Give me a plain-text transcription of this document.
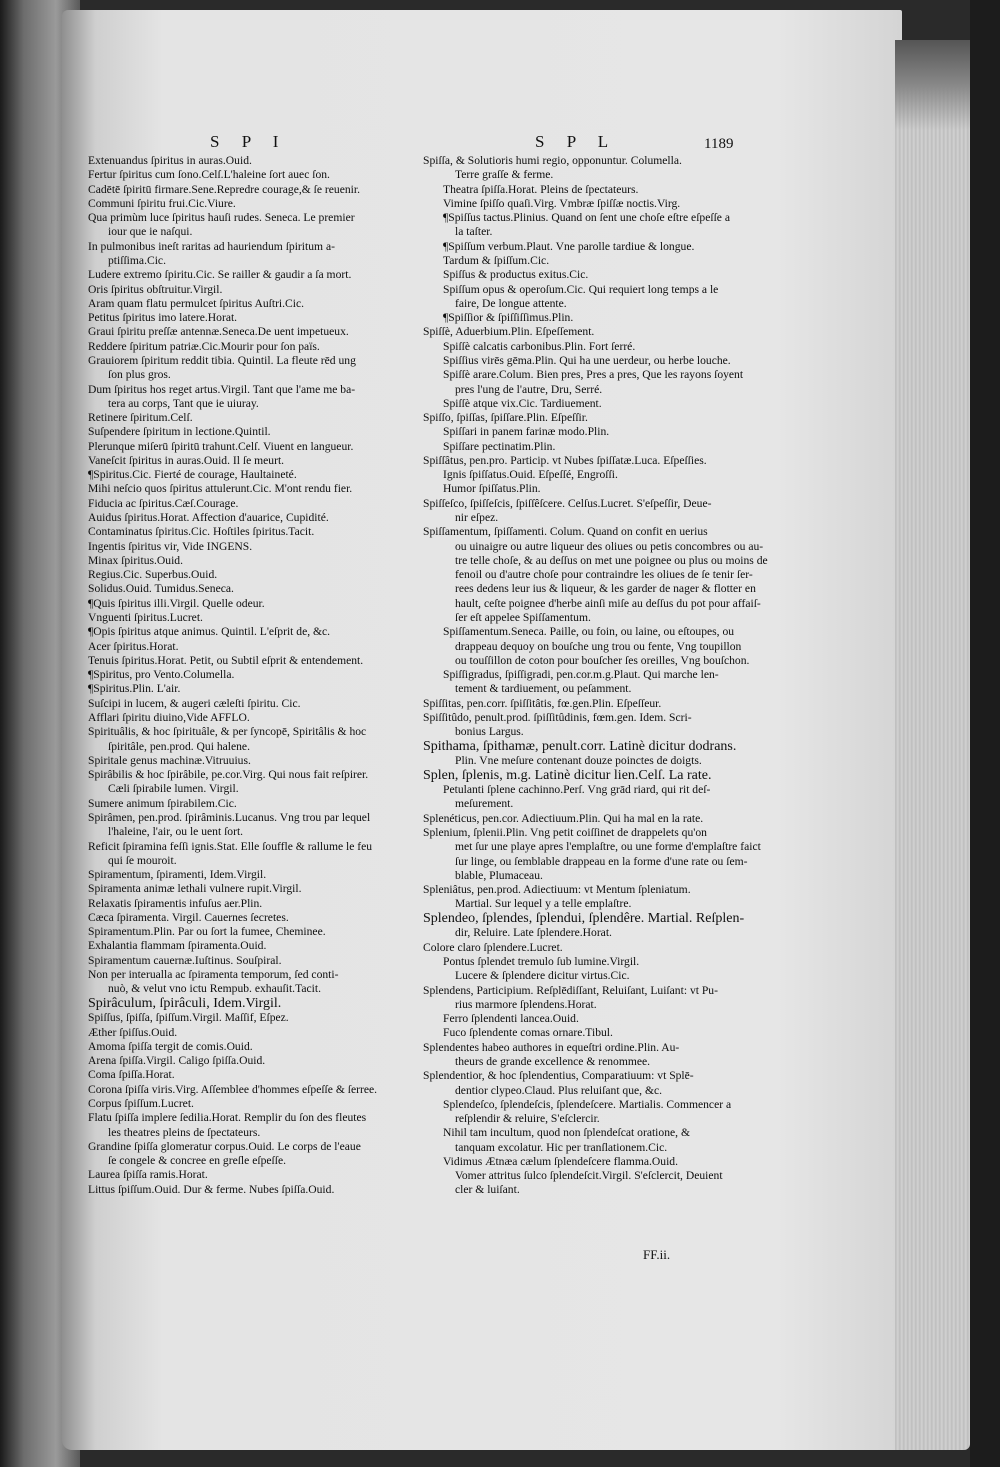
S P I	S P L	1189

Extenuandus ſpiritus in auras.Ouid.
Fertur ſpiritus cum ſono.Celſ.L'haleine ſort auec ſon.
Cadētē ſpiritū firmare.Sene.Repredre courage,& ſe reuenir.
Communi ſpiritu frui.Cic.Viure.
Qua primùm luce ſpiritus hauſi rudes. Seneca. Le premier
iour que ie naſqui.
In pulmonibus ineſt raritas ad hauriendum ſpiritum a-
ptiſſima.Cic.
Ludere extremo ſpiritu.Cic. Se railler & gaudir a ſa mort.
Oris ſpiritus obſtruitur.Virgil.
Aram quam flatu permulcet ſpiritus Auſtri.Cic.
Petitus ſpiritus imo latere.Horat.
Graui ſpiritu preſſæ antennæ.Seneca.De uent impetueux.
Reddere ſpiritum patriæ.Cic.Mourir pour ſon païs.
Grauiorem ſpiritum reddit tibia. Quintil. La fleute rēd ung
ſon plus gros.
Dum ſpiritus hos reget artus.Virgil. Tant que l'ame me ba-
tera au corps, Tant que ie uiuray.
Retinere ſpiritum.Celſ.
Suſpendere ſpiritum in lectione.Quintil.
Plerunque miſerū ſpiritū trahunt.Celſ. Viuent en langueur.
Vaneſcit ſpiritus in auras.Ouid. Il ſe meurt.
¶Spiritus.Cic. Fierté de courage, Haultaineté.
Mihi neſcio quos ſpiritus attulerunt.Cic. M'ont rendu fier.
Fiducia ac ſpiritus.Cæſ.Courage.
Auidus ſpiritus.Horat. Affection d'auarice, Cupidité.
Contaminatus ſpiritus.Cic. Hoſtiles ſpiritus.Tacit.
Ingentis ſpiritus vir, Vide INGENS.
Minax ſpiritus.Ouid.
Regius.Cic. Superbus.Ouid.
Solidus.Ouid. Tumidus.Seneca.
¶Quis ſpiritus illi.Virgil. Quelle odeur.
Vnguenti ſpiritus.Lucret.
¶Opis ſpiritus atque animus. Quintil. L'eſprit de, &c.
Acer ſpiritus.Horat.
Tenuis ſpiritus.Horat. Petit, ou Subtil eſprit & entendement.
¶Spiritus, pro Vento.Columella.
¶Spiritus.Plin. L'air.
Suſcipi in lucem, & augeri cæleſti ſpiritu. Cic.
Afflari ſpiritu diuino,Vide AFFLO.
Spirituâlis, & hoc ſpirituâle, & per ſyncopē, Spiritâlis & hoc
ſpiritâle, pen.prod. Qui halene.
Spiritale genus machinæ.Vitruuius.
Spirâbilis & hoc ſpirâbile, pe.cor.Virg. Qui nous fait reſpirer.
Cæli ſpirabile lumen. Virgil.
Sumere animum ſpirabilem.Cic.
Spirâmen, pen.prod. ſpirâminis.Lucanus. Vng trou par lequel
l'haleine, l'air, ou le uent ſort.
Reficit ſpiramina feſſi ignis.Stat. Elle ſouffle & rallume le feu
qui ſe mouroit.
Spiramentum, ſpiramenti, Idem.Virgil.
Spiramenta animæ lethali vulnere rupit.Virgil.
Relaxatis ſpiramentis infuſus aer.Plin.
Cæca ſpiramenta. Virgil. Cauernes ſecretes.
Spiramentum.Plin. Par ou ſort la fumee, Cheminee.
Exhalantia flammam ſpiramenta.Ouid.
Spiramentum cauernæ.Iuſtinus. Souſpiral.
Non per interualla ac ſpiramenta temporum, ſed conti-
nuò, & velut vno ictu Rempub. exhauſit.Tacit.
Spirâculum, ſpirâculi, Idem.Virgil.
Spiſſus, ſpiſſa, ſpiſſum.Virgil. Maſſif, Eſpez.
Æther ſpiſſus.Ouid.
Amoma ſpiſſa tergit de comis.Ouid.
Arena ſpiſſa.Virgil. Caligo ſpiſſa.Ouid.
Coma ſpiſſa.Horat.
Corona ſpiſſa viris.Virg. Aſſemblee d'hommes eſpeſſe & ſerree.
Corpus ſpiſſum.Lucret.
Flatu ſpiſſa implere ſedilia.Horat. Remplir du ſon des fleutes
les theatres pleins de ſpectateurs.
Grandine ſpiſſa glomeratur corpus.Ouid. Le corps de l'eaue
ſe congele & concree en greſle eſpeſſe.
Laurea ſpiſſa ramis.Horat.
Littus ſpiſſum.Ouid. Dur & ferme. Nubes ſpiſſa.Ouid.
Spiſſa, & Solutioris humi regio, opponuntur. Columella.
Terre graſſe & ferme.
Theatra ſpiſſa.Horat. Pleins de ſpectateurs.
Vimine ſpiſſo quaſi.Virg. Vmbræ ſpiſſæ noctis.Virg.
¶Spiſſus tactus.Plinius. Quand on ſent une choſe eſtre eſpeſſe a
la taſter.
¶Spiſſum verbum.Plaut. Vne parolle tardiue & longue.
Tardum & ſpiſſum.Cic.
Spiſſus & productus exitus.Cic.
Spiſſum opus & operoſum.Cic. Qui requiert long temps a le
faire, De longue attente.
¶Spiſſior & ſpiſſiſſimus.Plin.
Spiſſè, Aduerbium.Plin. Eſpeſſement.
Spiſſè calcatis carbonibus.Plin. Fort ſerré.
Spiſſius virēs gēma.Plin. Qui ha une uerdeur, ou herbe louche.
Spiſſè arare.Colum. Bien pres, Pres a pres, Que les rayons ſoyent
pres l'ung de l'autre, Dru, Serré.
Spiſſè atque vix.Cic. Tardiuement.
Spiſſo, ſpiſſas, ſpiſſare.Plin. Eſpeſſir.
Spiſſari in panem farinæ modo.Plin.
Spiſſare pectinatim.Plin.
Spiſſâtus, pen.pro. Particip. vt Nubes ſpiſſatæ.Luca. Eſpeſſies.
Ignis ſpiſſatus.Ouid. Eſpeſſé, Engroſſi.
Humor ſpiſſatus.Plin.
Spiſſeſco, ſpiſſeſcis, ſpiſſêſcere. Celſus.Lucret. S'eſpeſſir, Deue-
nir eſpez.
Spiſſamentum, ſpiſſamenti. Colum. Quand on confit en uerius
ou uinaigre ou autre liqueur des oliues ou petis concombres ou au-
tre telle choſe, & au deſſus on met une poignee ou plus ou moins de
fenoil ou d'autre choſe pour contraindre les oliues de ſe tenir ſer-
rees dedens leur ius & liqueur, & les garder de nager & flotter en
hault, ceſte poignee d'herbe ainſi miſe au deſſus du pot pour affaiſ-
ſer eſt appelee Spiſſamentum.
Spiſſamentum.Seneca. Paille, ou foin, ou laine, ou eſtoupes, ou
drappeau dequoy on bouſche ung trou ou fente, Vng toupillon
ou touſſillon de coton pour bouſcher ſes oreilles, Vng bouſchon.
Spiſſigradus, ſpiſſigradi, pen.cor.m.g.Plaut. Qui marche len-
tement & tardiuement, ou peſamment.
Spiſſitas, pen.corr. ſpiſſitâtis, fœ.gen.Plin. Eſpeſſeur.
Spiſſitûdo, penult.prod. ſpiſſitûdinis, fœm.gen. Idem. Scri-
bonius Largus.
Spithama, ſpithamæ, penult.corr. Latinè dicitur dodrans.
Plin. Vne meſure contenant douze poinctes de doigts.
Splen, ſplenis, m.g. Latinè dicitur lien.Celſ. La rate.
Petulanti ſplene cachinno.Perſ. Vng grād riard, qui rit deſ-
meſurement.
Splenéticus, pen.cor. Adiectiuum.Plin. Qui ha mal en la rate.
Splenium, ſplenii.Plin. Vng petit coiſſinet de drappelets qu'on
met ſur une playe apres l'emplaſtre, ou une forme d'emplaſtre faict
ſur linge, ou ſemblable drappeau en la forme d'une rate ou ſem-
blable, Plumaceau.
Spleniâtus, pen.prod. Adiectiuum: vt Mentum ſpleniatum.
Martial. Sur lequel y a telle emplaſtre.
Splendeo, ſplendes, ſplendui, ſplendêre. Martial. Reſplen-
dir, Reluire. Late ſplendere.Horat.
Colore claro ſplendere.Lucret.
Pontus ſplendet tremulo ſub lumine.Virgil.
Lucere & ſplendere dicitur virtus.Cic.
Splendens, Participium. Reſplēdiſſant, Reluiſant, Luiſant: vt Pu-
rius marmore ſplendens.Horat.
Ferro ſplendenti lancea.Ouid.
Fuco ſplendente comas ornare.Tibul.
Splendentes habeo authores in equeſtri ordine.Plin. Au-
theurs de grande excellence & renommee.
Splendentior, & hoc ſplendentius, Comparatiuum: vt Splē-
dentior clypeo.Claud. Plus reluiſant que, &c.
Splendeſco, ſplendeſcis, ſplendeſcere. Martialis. Commencer a
reſplendir & reluire, S'eſclercir.
Nihil tam incultum, quod non ſplendeſcat oratione, &
tanquam excolatur. Hic per tranſlationem.Cic.
Vidimus Ætnæa cælum ſplendeſcere flamma.Ouid.
Vomer attritus ſulco ſplendeſcit.Virgil. S'eſclercit, Deuient
cler & luiſant.

FF.ii.
